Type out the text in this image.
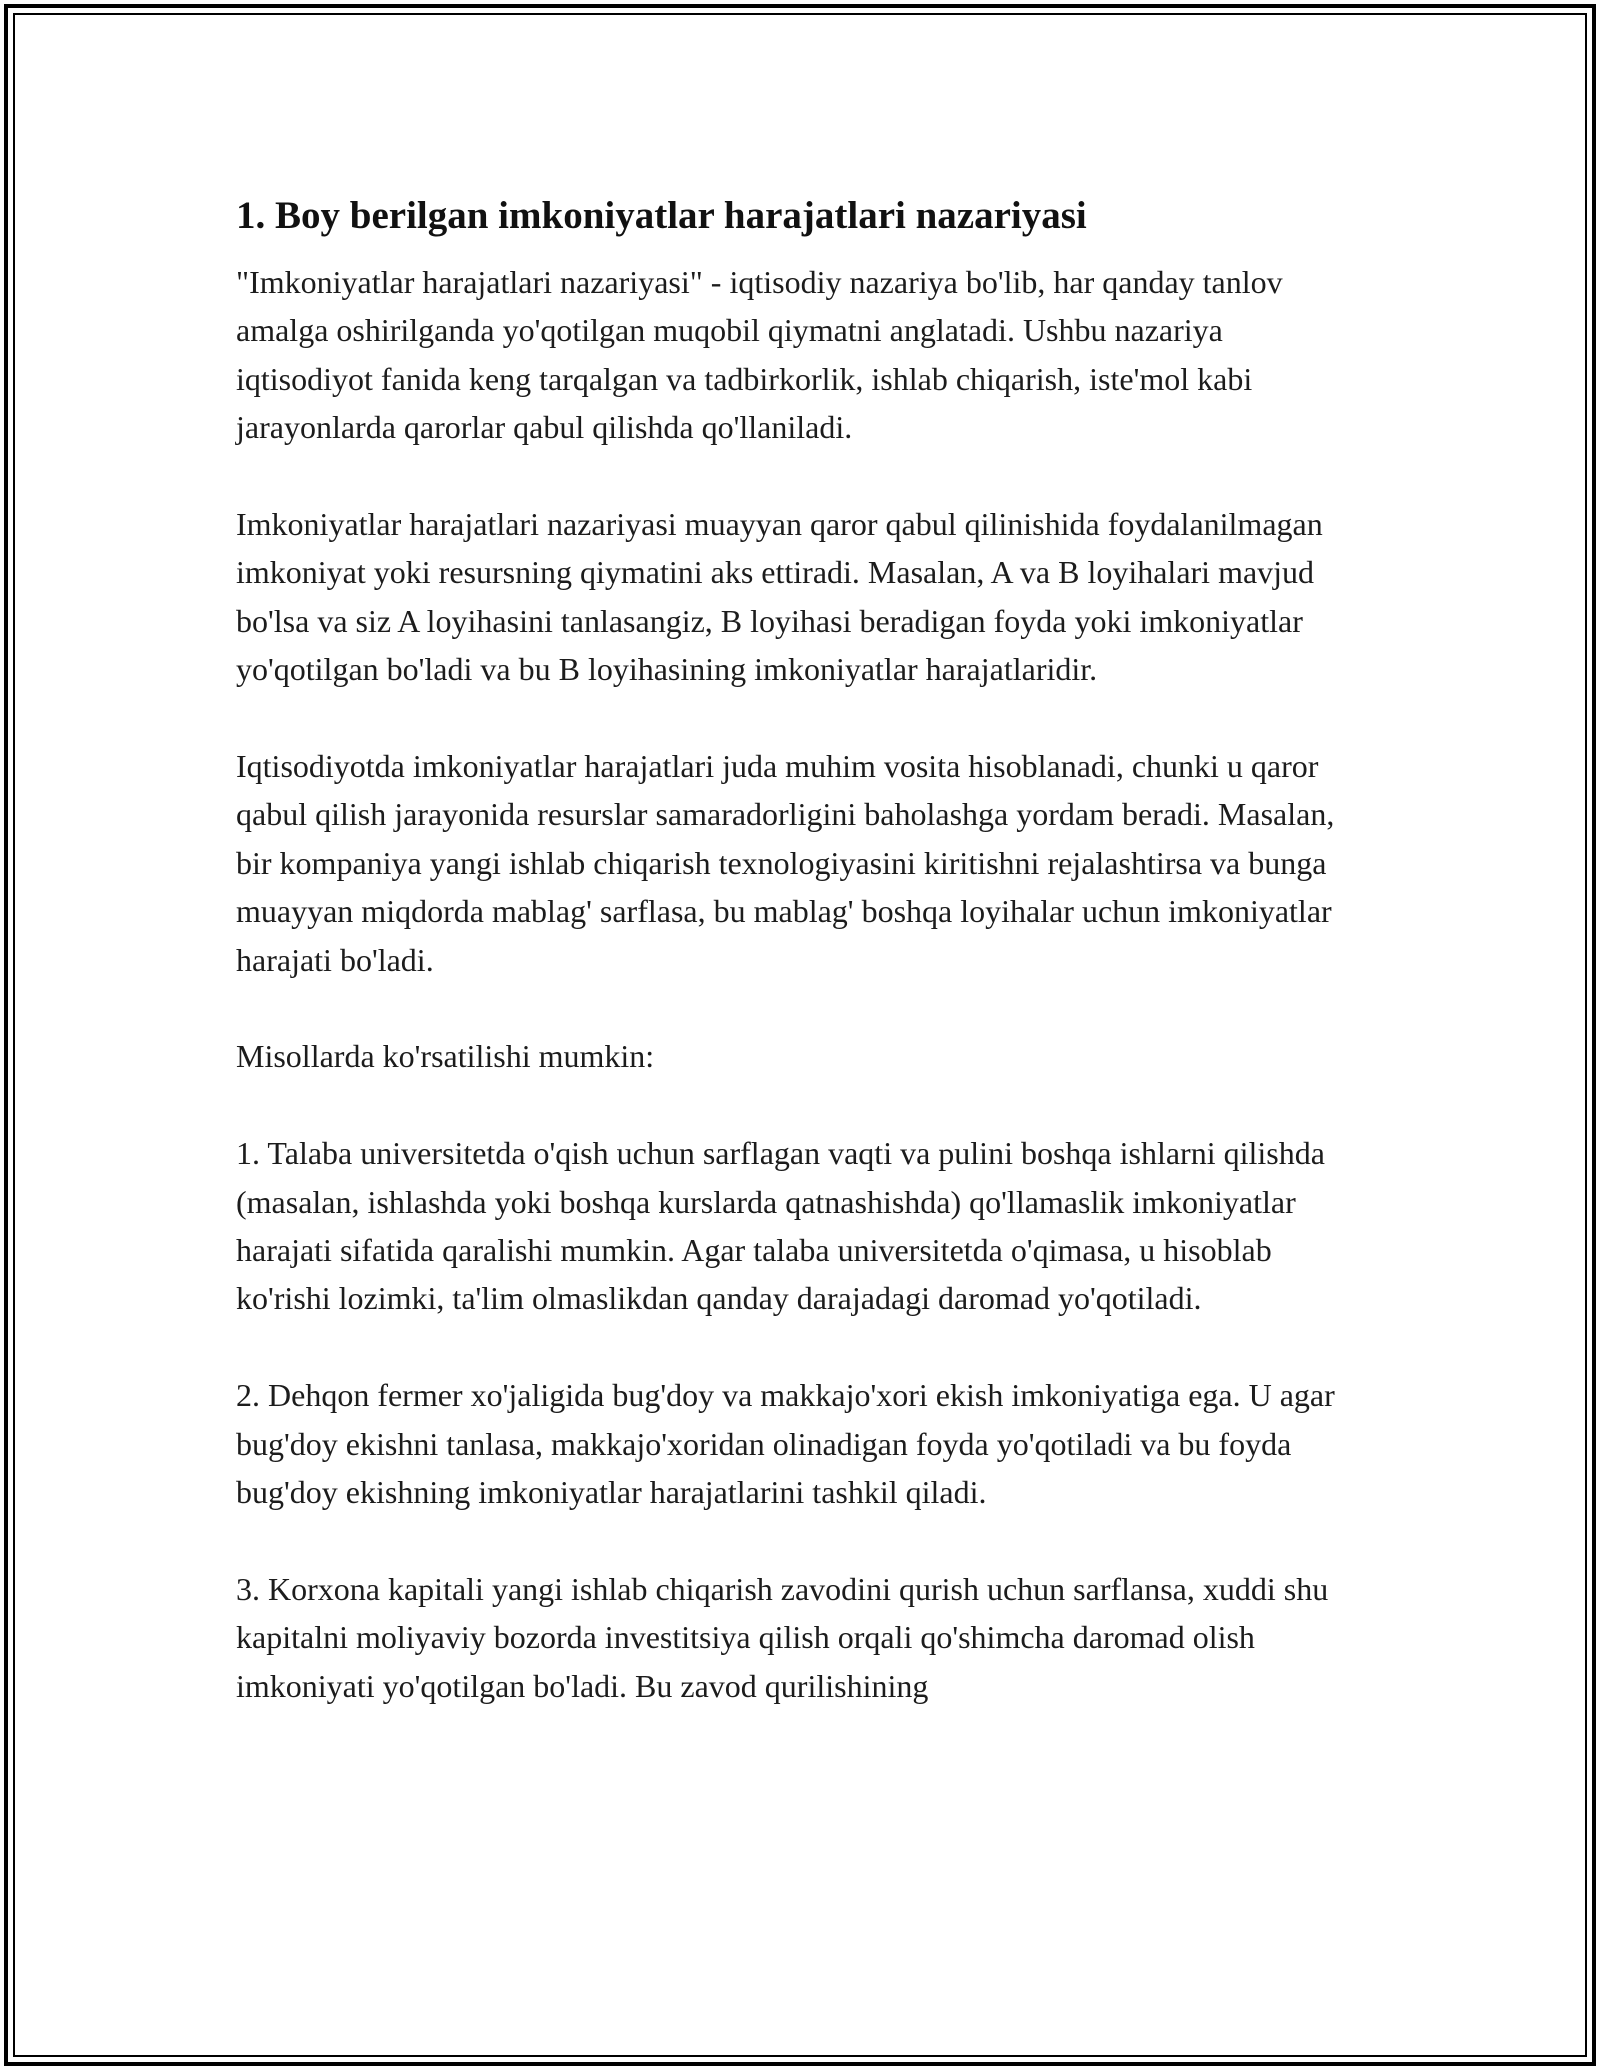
1. Boy berilgan imkoniyatlar harajatlari nazariyasi

"Imkoniyatlar harajatlari nazariyasi" - iqtisodiy nazariya bo'lib, har qanday tanlov amalga oshirilganda yo'qotilgan muqobil qiymatni anglatadi. Ushbu nazariya iqtisodiyot fanida keng tarqalgan va tadbirkorlik, ishlab chiqarish, iste'mol kabi jarayonlarda qarorlar qabul qilishda qo'llaniladi.

Imkoniyatlar harajatlari nazariyasi muayyan qaror qabul qilinishida foydalanilmagan imkoniyat yoki resursning qiymatini aks ettiradi. Masalan, A va B loyihalari mavjud bo'lsa va siz A loyihasini tanlasangiz, B loyihasi beradigan foyda yoki imkoniyatlar yo'qotilgan bo'ladi va bu B loyihasining imkoniyatlar harajatlaridir.

Iqtisodiyotda imkoniyatlar harajatlari juda muhim vosita hisoblanadi, chunki u qaror qabul qilish jarayonida resurslar samaradorligini baholashga yordam beradi. Masalan, bir kompaniya yangi ishlab chiqarish texnologiyasini kiritishni rejalashtirsa va bunga muayyan miqdorda mablag' sarflasa, bu mablag' boshqa loyihalar uchun imkoniyatlar harajati bo'ladi.

Misollarda ko'rsatilishi mumkin:

1. Talaba universitetda o'qish uchun sarflagan vaqti va pulini boshqa ishlarni qilishda (masalan, ishlashda yoki boshqa kurslarda qatnashishda) qo'llamaslik imkoniyatlar harajati sifatida qaralishi mumkin. Agar talaba universitetda o'qimasa, u hisoblab ko'rishi lozimki, ta'lim olmaslikdan qanday darajadagi daromad yo'qotiladi.

2. Dehqon fermer xo'jaligida bug'doy va makkajo'xori ekish imkoniyatiga ega. U agar bug'doy ekishni tanlasa, makkajo'xoridan olinadigan foyda yo'qotiladi va bu foyda bug'doy ekishning imkoniyatlar harajatlarini tashkil qiladi.

3. Korxona kapitali yangi ishlab chiqarish zavodini qurish uchun sarflansa, xuddi shu kapitalni moliyaviy bozorda investitsiya qilish orqali qo'shimcha daromad olish imkoniyati yo'qotilgan bo'ladi. Bu zavod qurilishining
